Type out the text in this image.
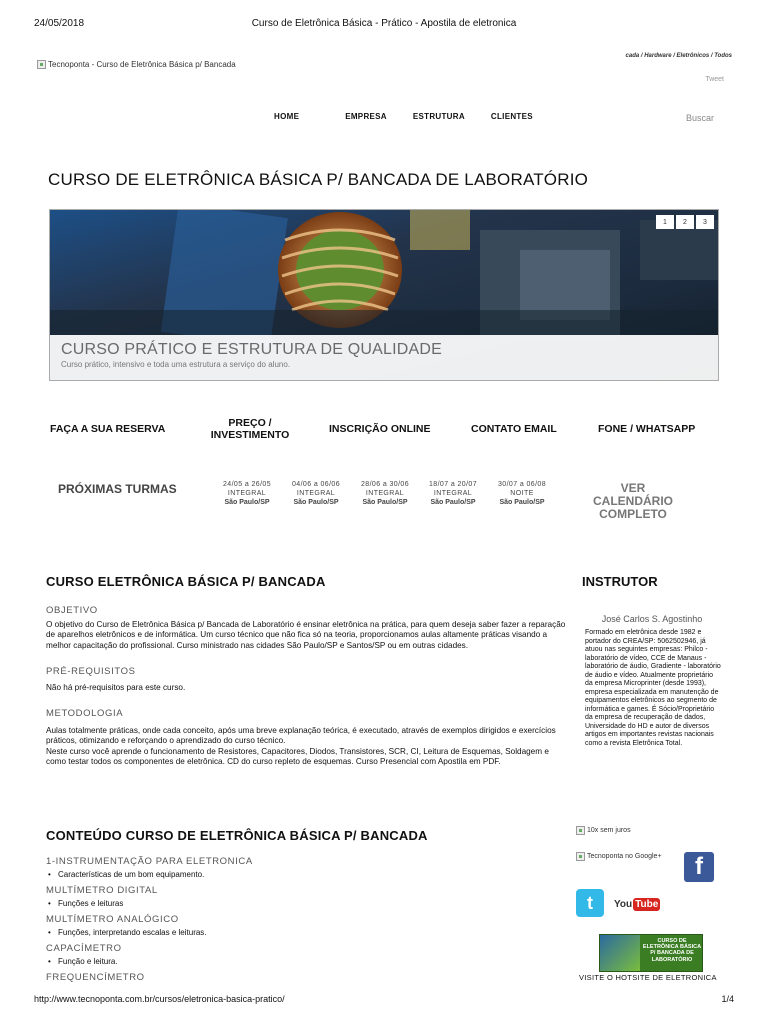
24/05/2018	Curso de Eletrônica Básica - Prático - Apostila de eletronica
Tecnoponta - Curso de Eletrônica Básica p/ Bancada
cada / Hardware / Eletrônicos / Todos
Tweet
HOME	EMPRESA	ESTRUTURA	CLIENTES	Buscar
CURSO DE ELETRÔNICA BÁSICA P/ BANCADA DE LABORATÓRIO
1	2	3
CURSO PRÁTICO E ESTRUTURA DE QUALIDADE
Curso prático, intensivo e toda uma estrutura a serviço do aluno.
FAÇA A SUA RESERVA	PREÇO /
INVESTIMENTO	INSCRIÇÃO ONLINE	CONTATO EMAIL	FONE / WHATSAPP
PRÓXIMAS TURMAS	24/05 a 26/05
INTEGRAL
São Paulo/SP
04/06 a 06/06
INTEGRAL
São Paulo/SP
28/06 a 30/06
INTEGRAL
São Paulo/SP
18/07 a 20/07
INTEGRAL
São Paulo/SP
30/07 a 06/08
NOITE
São Paulo/SP
VER CALENDÁRIO
COMPLETO
CURSO ELETRÔNICA BÁSICA P/ BANCADA
OBJETIVO

O objetivo do Curso de Eletrônica Básica p/ Bancada de Laboratório é ensinar eletrônica na prática, para quem deseja saber fazer a reparação de aparelhos eletrônicos e de informática. Um curso técnico que não fica só na teoria, proporcionamos aulas altamente práticas visando a melhor capacitação do profissional. Curso ministrado nas cidades São Paulo/SP e Santos/SP ou em outras cidades.

PRÉ-REQUISITOS

Não há pré-requisitos para este curso.

METODOLOGIA

Aulas totalmente práticas, onde cada conceito, após uma breve explanação teórica, é executado, através de exemplos dirigidos e exercícios práticos, otimizando e reforçando o aprendizado do curso técnico.

Neste curso você aprende o funcionamento de Resistores, Capacitores, Diodos, Transistores, SCR, CI, Leitura de Esquemas, Soldagem e como testar todos os componentes de eletrônica. CD do curso repleto de esquemas. Curso Presencial com Apostila em PDF.

CONTEÚDO CURSO DE ELETRÔNICA BÁSICA P/ BANCADA
1-INSTRUMENTAÇÃO PARA ELETRONICA
• Características de um bom equipamento.
MULTÍMETRO DIGITAL
• Funções e leituras
MULTÍMETRO ANALÓGICO
• Funções, interpretando escalas e leituras.
CAPACÍMETRO
• Função e leitura.
FREQUENCÍMETRO
INSTRUTOR
José Carlos S. Agostinho

Formado em eletrônica desde 1982 e portador do CREA/SP: 5062502946, já atuou nas seguintes empresas: Philco - laboratório de vídeo, CCE de Manaus - laboratório de áudio, Gradiente - laboratório de áudio e vídeo. Atualmente proprietário da empresa Microprinter (desde 1993), empresa especializada em manutenção de equipamentos eletrônicos ao segmento de informática e games. É Sócio/Proprietário da empresa de recuperação de dados, Universidade do HD e autor de diversos artigos em importantes revistas nacionais como a revista Eletrônica Total.

10x sem juros
Tecnoponta no Google+	f
t	You Tube
CURSO DE ELETRÔNICA BÁSICA P/ BANCADA DE LABORATÓRIO
VISITE O HOTSITE DE ELETRONICA
http://www.tecnoponta.com.br/cursos/eletronica-basica-pratico/	1/4
